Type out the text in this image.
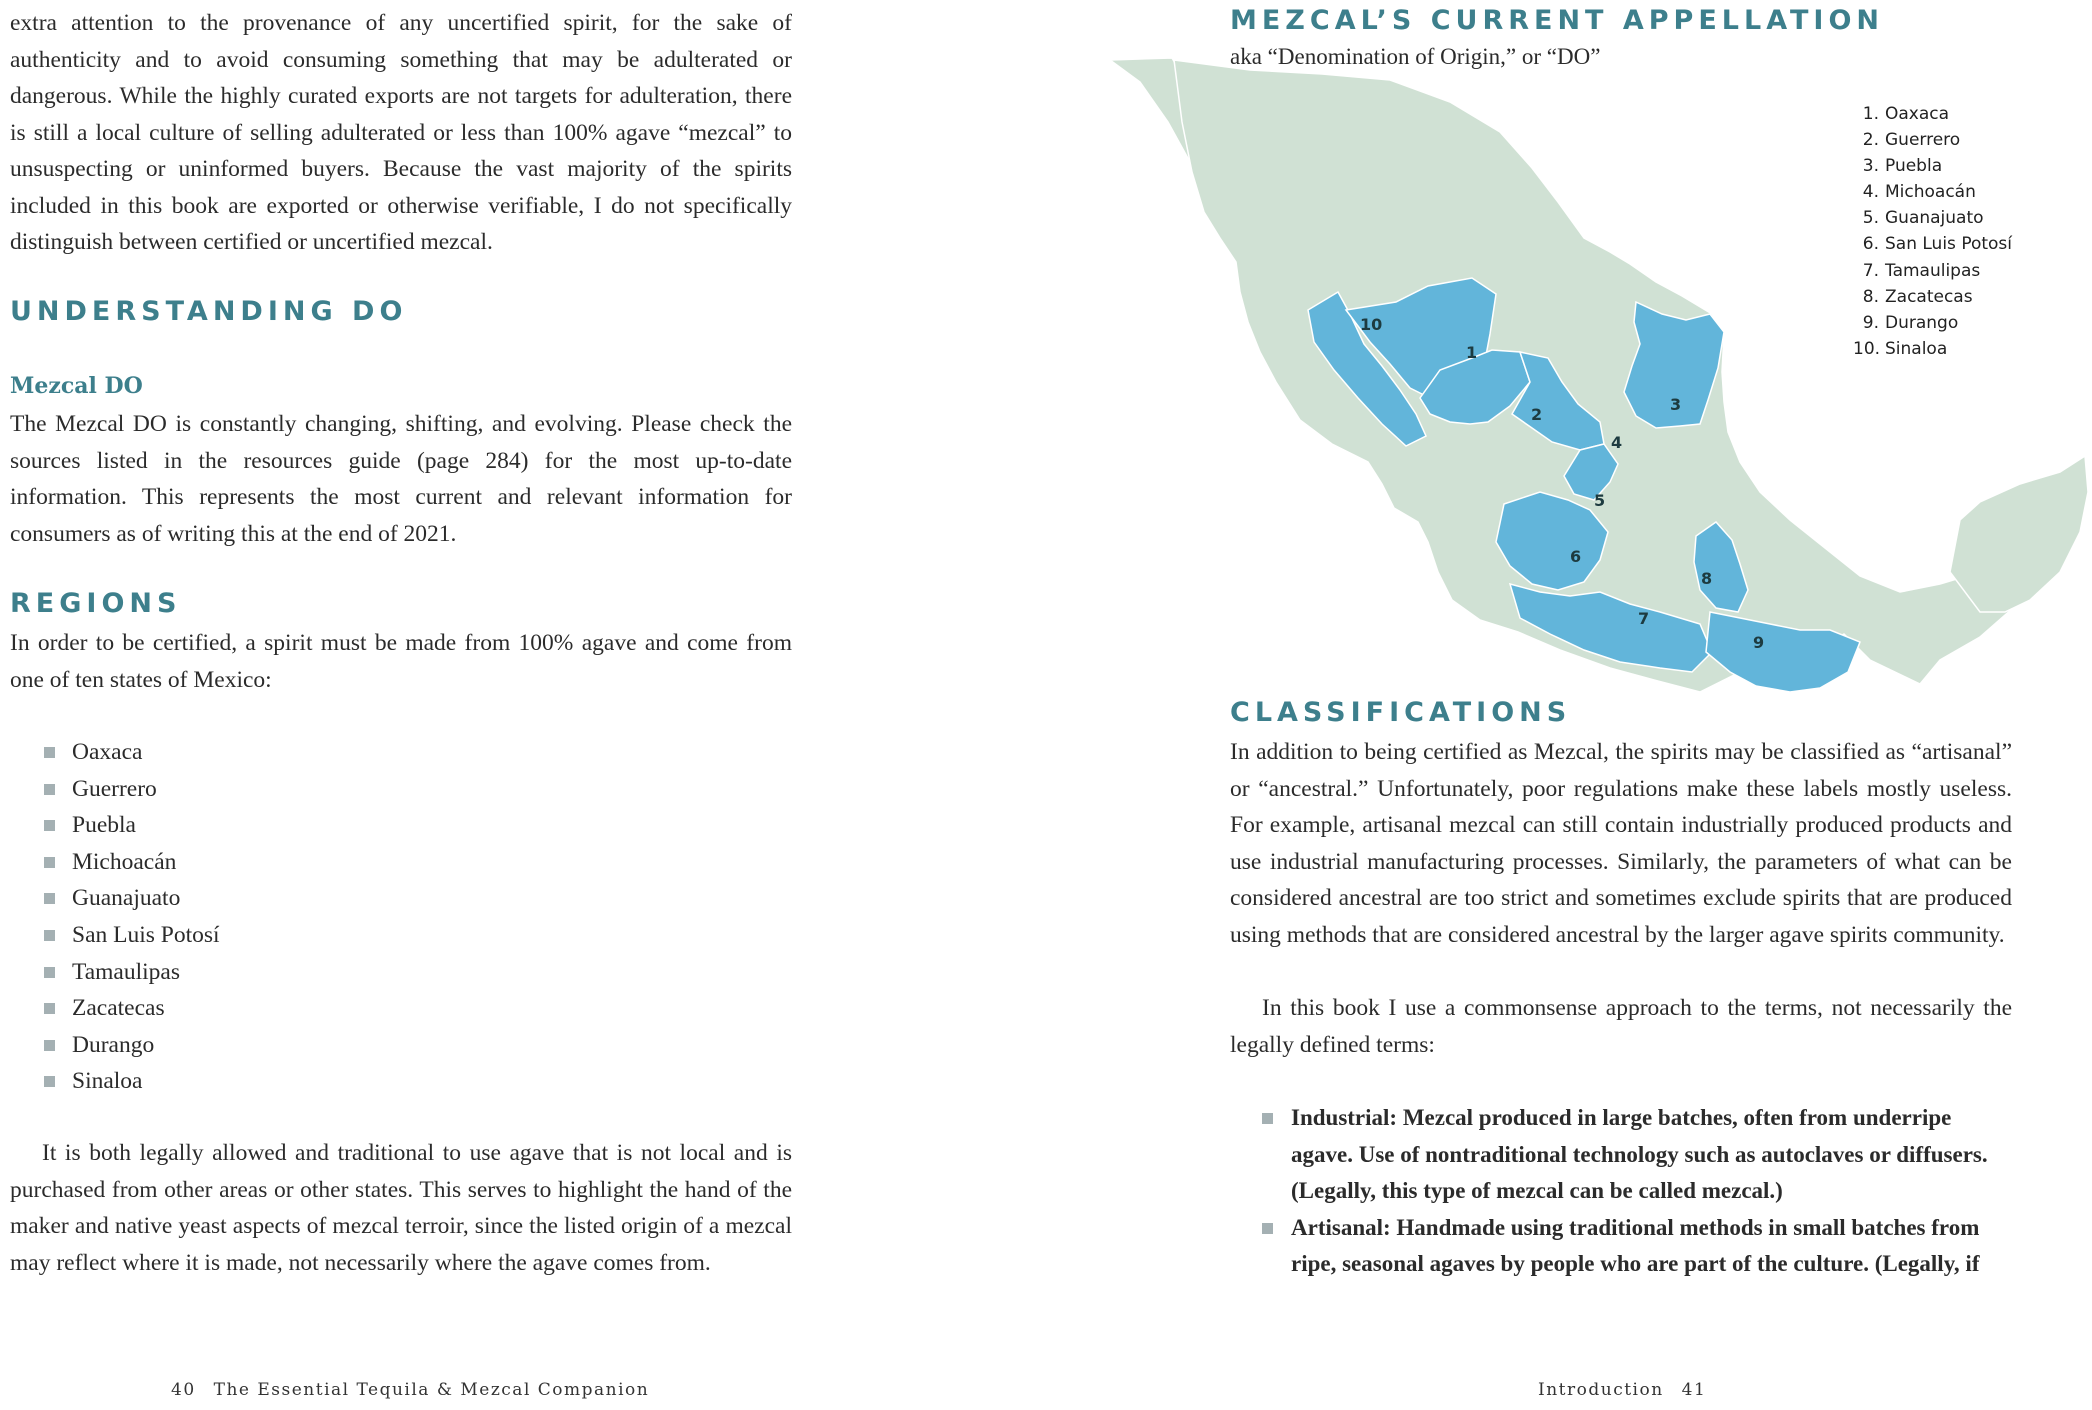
extra attention to the provenance of any uncertified spirit, for the sake of authenticity and to avoid consuming something that may be adulterated or dangerous. While the highly curated exports are not targets for adulteration, there is still a local culture of selling adulterated or less than 100% agave “mezcal” to unsuspecting or uninformed buyers. Because the vast majority of the spirits included in this book are exported or otherwise verifiable, I do not specifically distinguish between certified or uncertified mezcal.

UNDERSTANDING DO
Mezcal DO

The Mezcal DO is constantly changing, shifting, and evolving. Please check the sources listed in the resources guide (page 284) for the most up-to-date information. This represents the most current and relevant information for consumers as of writing this at the end of 2021.

REGIONS

In order to be certified, a spirit must be made from 100% agave and come from one of ten states of Mexico:

Oaxaca
Guerrero
Puebla
Michoacán
Guanajuato
San Luis Potosí
Tamaulipas
Zacatecas
Durango
Sinaloa

It is both legally allowed and traditional to use agave that is not local and is purchased from other areas or other states. This serves to highlight the hand of the maker and native yeast aspects of mezcal terroir, since the listed origin of a mezcal may reflect where it is made, not necessarily where the agave comes from.

40 The Essential Tequila & Mezcal Companion

MEZCAL’S CURRENT APPELLATION

aka “Denomination of Origin,” or “DO”

10
1
2
3
4
5
6
8
7
9
1. Oaxaca
2. Guerrero
3. Puebla
4. Michoacán
5. Guanajuato
6. San Luis Potosí
7. Tamaulipas
8. Zacatecas
9. Durango
10. Sinaloa
CLASSIFICATIONS

In addition to being certified as Mezcal, the spirits may be classified as “artisanal” or “ancestral.” Unfortunately, poor regulations make these labels mostly useless. For example, artisanal mezcal can still contain industrially produced products and use industrial manufacturing processes. Similarly, the parameters of what can be considered ancestral are too strict and sometimes exclude spirits that are produced using methods that are considered ancestral by the larger agave spirits community.

In this book I use a commonsense approach to the terms, not necessarily the legally defined terms:

Industrial: Mezcal produced in large batches, often from underripe agave. Use of nontraditional technology such as autoclaves or diffusers. (Legally, this type of mezcal can be called mezcal.)
Artisanal: Handmade using traditional methods in small batches from ripe, seasonal agaves by people who are part of the culture. (Legally, if

Introduction 41
